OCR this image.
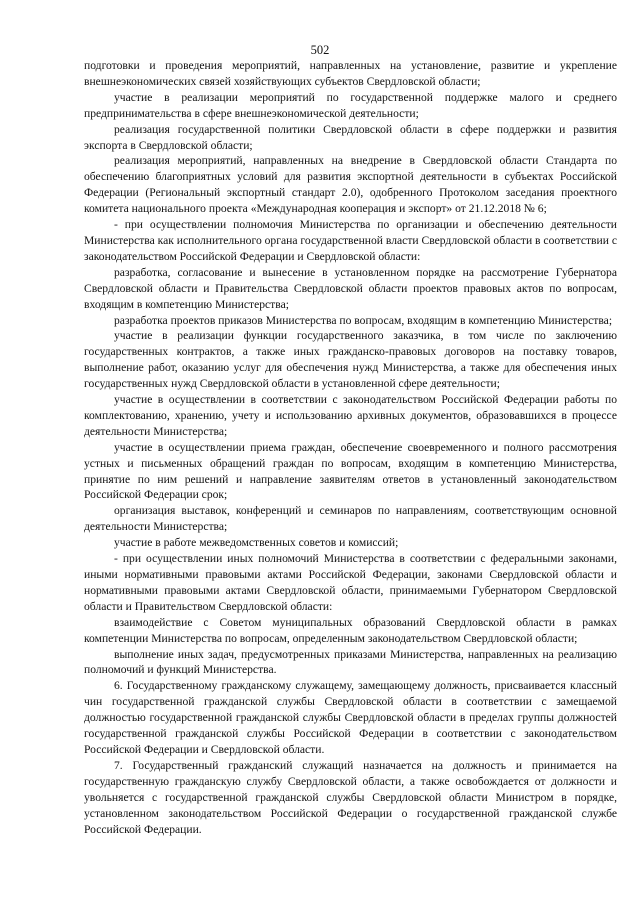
502

подготовки и проведения мероприятий, направленных на установление, развитие и укрепление внешнеэкономических связей хозяйствующих субъектов Свердловской области;

участие в реализации мероприятий по государственной поддержке малого и среднего предпринимательства в сфере внешнеэкономической деятельности;

реализация государственной политики Свердловской области в сфере поддержки и развития экспорта в Свердловской области;

реализация мероприятий, направленных на внедрение в Свердловской области Стандарта по обеспечению благоприятных условий для развития экспортной деятельности в субъектах Российской Федерации (Региональный экспортный стандарт 2.0), одобренного Протоколом заседания проектного комитета национального проекта «Международная кооперация и экспорт» от 21.12.2018 № 6;

- при осуществлении полномочия Министерства по организации и обеспечению деятельности Министерства как исполнительного органа государственной власти Свердловской области в соответствии с законодательством Российской Федерации и Свердловской области:

разработка, согласование и вынесение в установленном порядке на рассмотрение Губернатора Свердловской области и Правительства Свердловской области проектов правовых актов по вопросам, входящим в компетенцию Министерства;

разработка проектов приказов Министерства по вопросам, входящим в компетенцию Министерства;

участие в реализации функции государственного заказчика, в том числе по заключению государственных контрактов, а также иных гражданско-правовых договоров на поставку товаров, выполнение работ, оказанию услуг для обеспечения нужд Министерства, а также для обеспечения иных государственных нужд Свердловской области в установленной сфере деятельности;

участие в осуществлении в соответствии с законодательством Российской Федерации работы по комплектованию, хранению, учету и использованию архивных документов, образовавшихся в процессе деятельности Министерства;

участие в осуществлении приема граждан, обеспечение своевременного и полного рассмотрения устных и письменных обращений граждан по вопросам, входящим в компетенцию Министерства, принятие по ним решений и направление заявителям ответов в установленный законодательством Российской Федерации срок;

организация выставок, конференций и семинаров по направлениям, соответствующим основной деятельности Министерства;

участие в работе межведомственных советов и комиссий;

- при осуществлении иных полномочий Министерства в соответствии с федеральными законами, иными нормативными правовыми актами Российской Федерации, законами Свердловской области и нормативными правовыми актами Свердловской области, принимаемыми Губернатором Свердловской области и Правительством Свердловской области:

взаимодействие с Советом муниципальных образований Свердловской области в рамках компетенции Министерства по вопросам, определенным законодательством Свердловской области;

выполнение иных задач, предусмотренных приказами Министерства, направленных на реализацию полномочий и функций Министерства.

6. Государственному гражданскому служащему, замещающему должность, присваивается классный чин государственной гражданской службы Свердловской области в соответствии с замещаемой должностью государственной гражданской службы Свердловской области в пределах группы должностей государственной гражданской службы Российской Федерации в соответствии с законодательством Российской Федерации и Свердловской области.

7. Государственный гражданский служащий назначается на должность и принимается на государственную гражданскую службу Свердловской области, а также освобождается от должности и увольняется с государственной гражданской службы Свердловской области Министром в порядке, установленном законодательством Российской Федерации о государственной гражданской службе Российской Федерации.
